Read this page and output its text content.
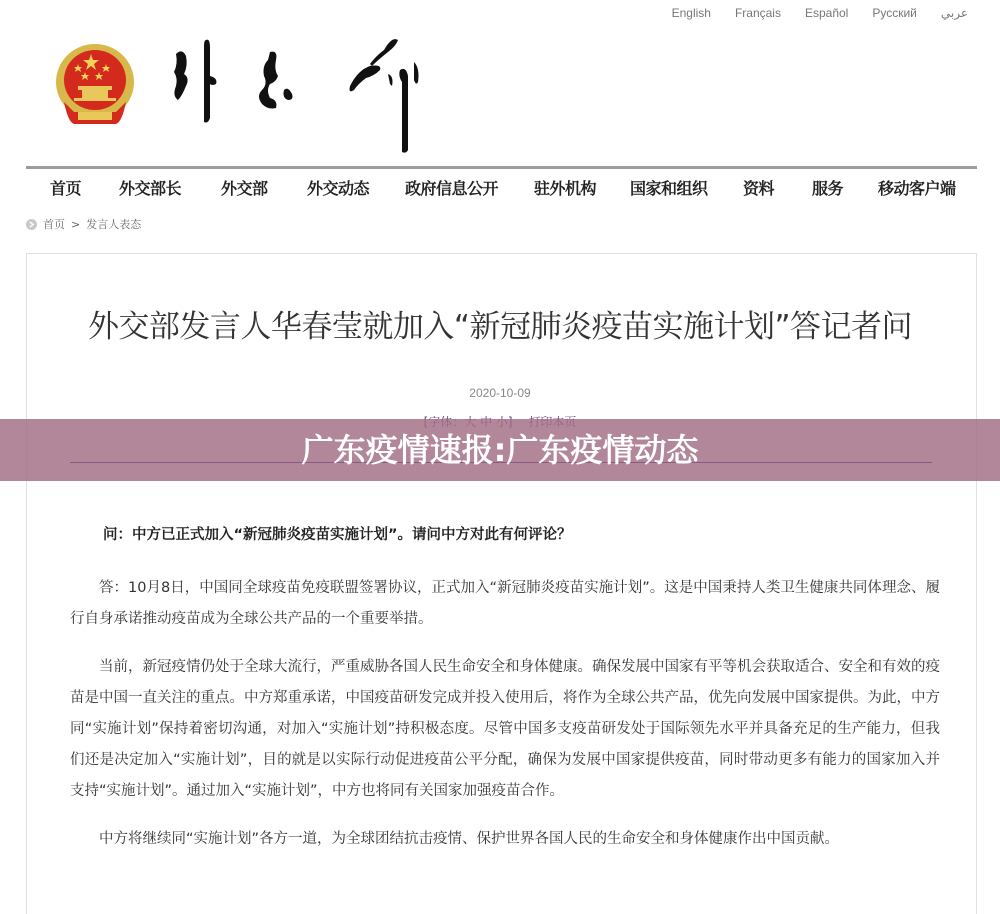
English Français Español Русский عربي
首页 外交部长 外交部 外交动态 政府信息公开 驻外机构 国家和组织 资料 服务 移动客户端
首页 > 发言人表态
外交部发言人华春莹就加入“新冠肺炎疫苗实施计划”答记者问
2020-10-09
广东疫情速报:广东疫情动态

问：中方已正式加入“新冠肺炎疫苗实施计划”。请问中方对此有何评论？

答：10月8日，中国同全球疫苗免疫联盟签署协议，正式加入“新冠肺炎疫苗实施计划”。这是中国秉持人类卫生健康共同体理念、履行自身承诺推动疫苗成为全球公共产品的一个重要举措。

当前，新冠疫情仍处于全球大流行，严重威胁各国人民生命安全和身体健康。确保发展中国家有平等机会获取适合、安全和有效的疫苗是中国一直关注的重点。中方郑重承诺，中国疫苗研发完成并投入使用后，将作为全球公共产品，优先向发展中国家提供。为此，中方同“实施计划”保持着密切沟通，对加入“实施计划”持积极态度。尽管中国多支疫苗研发处于国际领先水平并具备充足的生产能力，但我们还是决定加入“实施计划”，目的就是以实际行动促进疫苗公平分配，确保为发展中国家提供疫苗，同时带动更多有能力的国家加入并支持“实施计划”。通过加入“实施计划”，中方也将同有关国家加强疫苗合作。

中方将继续同“实施计划”各方一道，为全球团结抗击疫情、保护世界各国人民的生命安全和身体健康作出中国贡献。
